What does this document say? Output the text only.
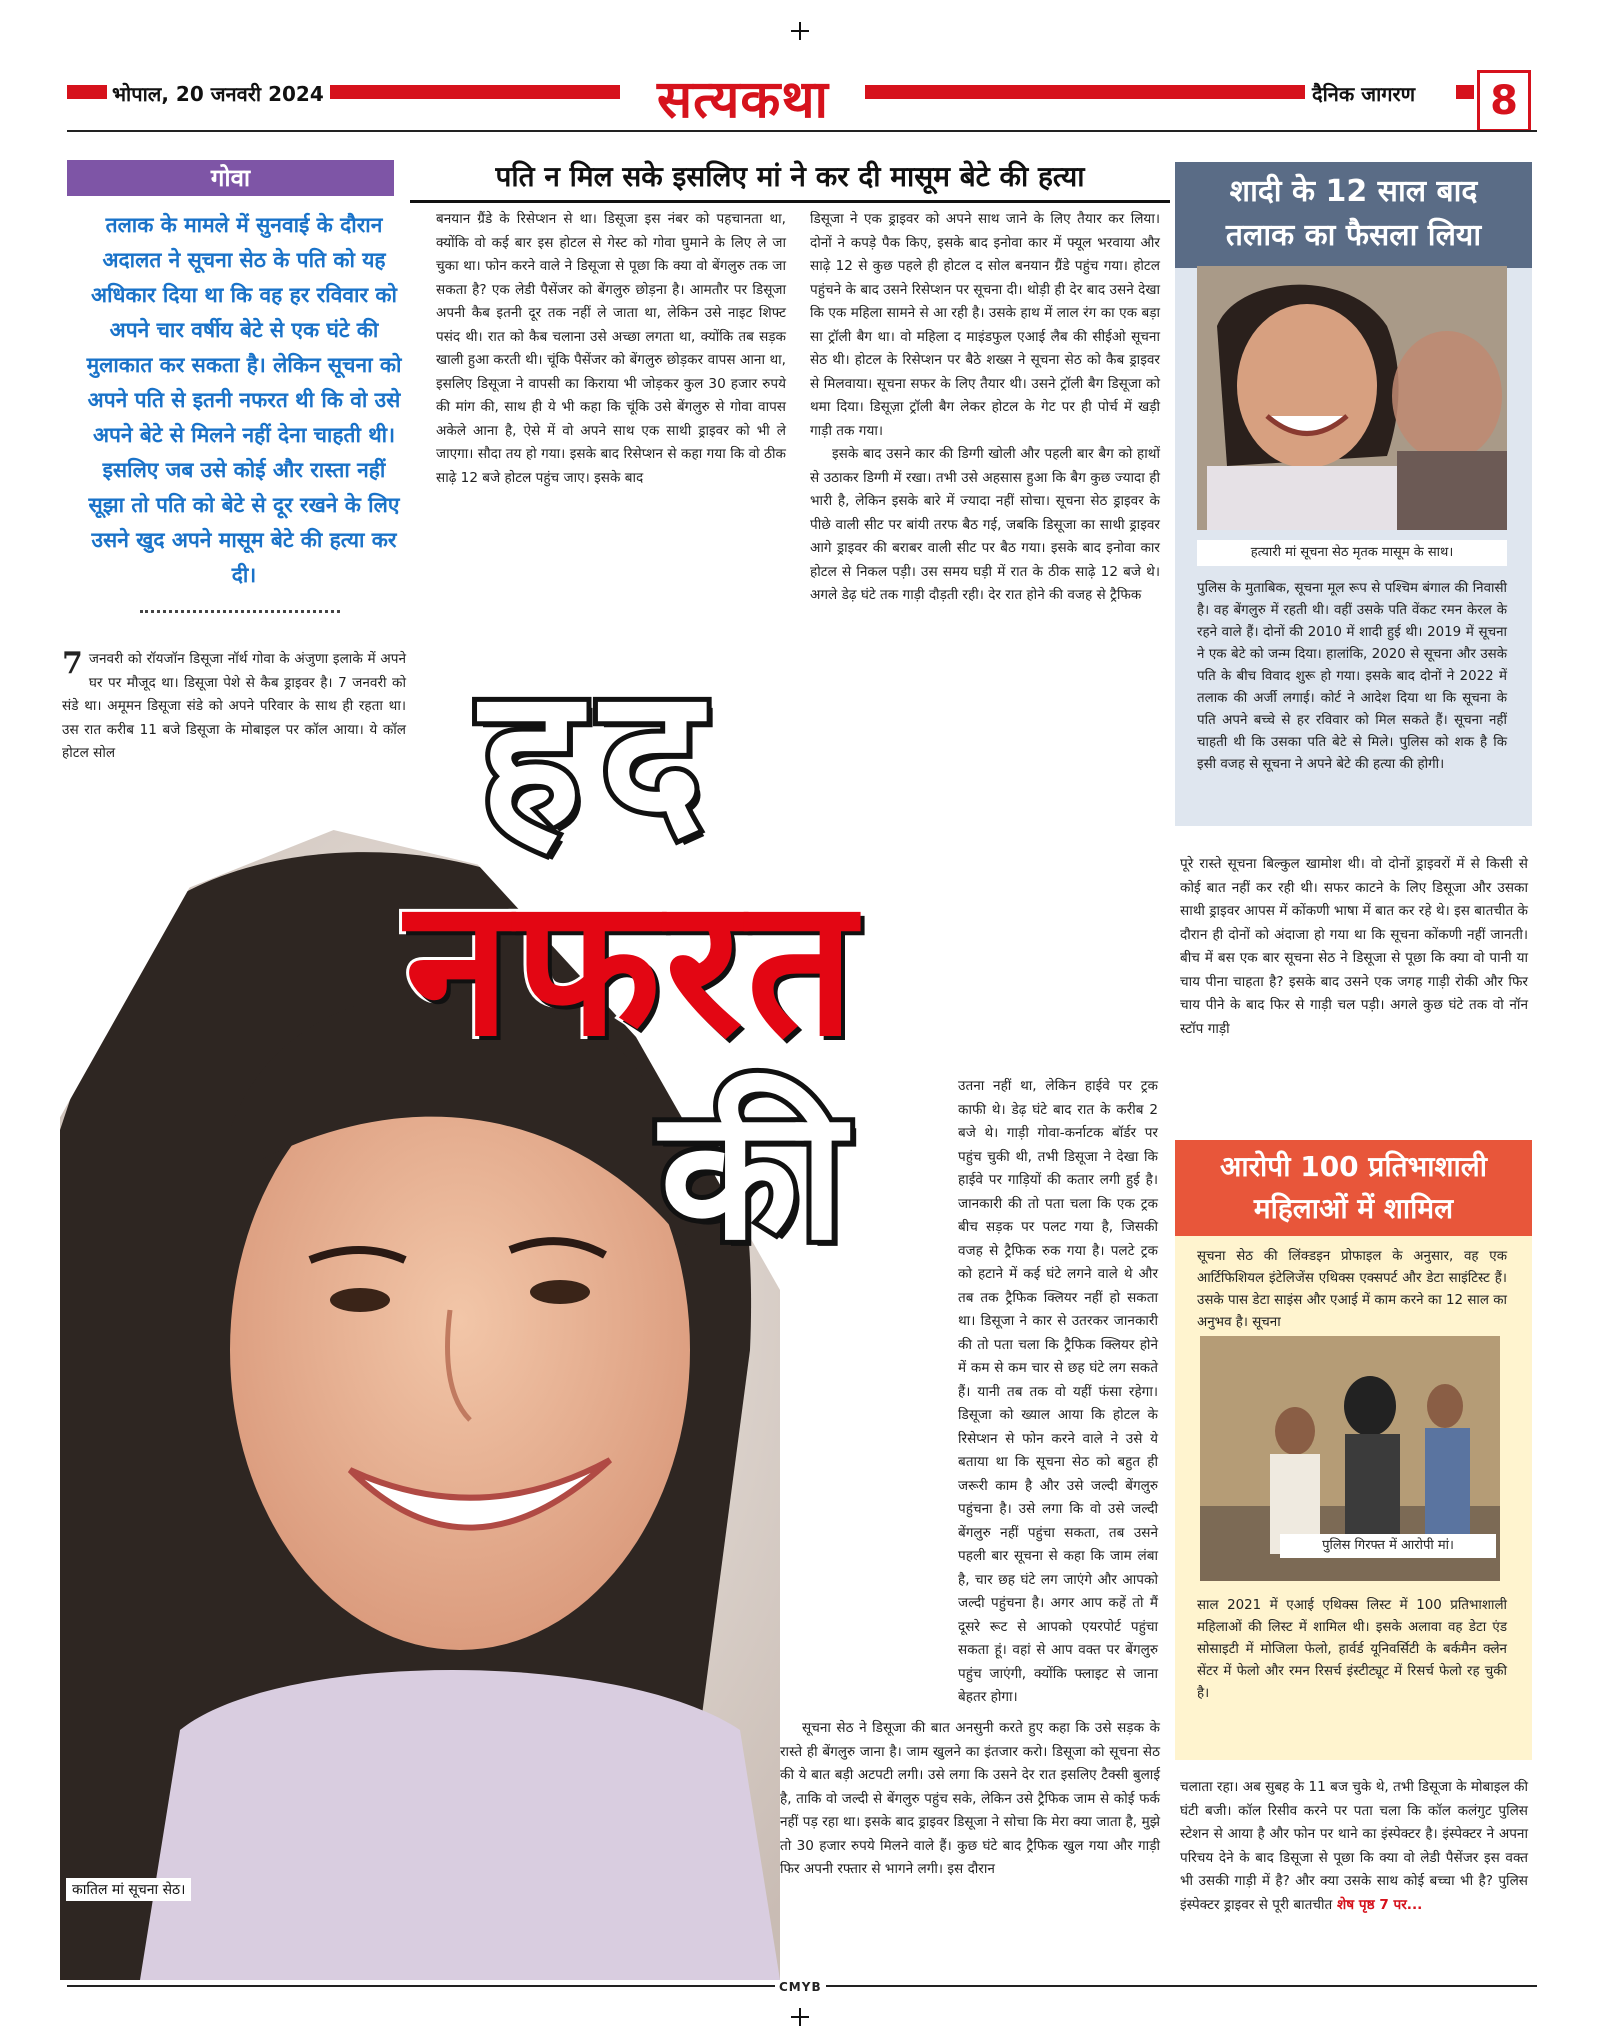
भोपाल, 20 जनवरी 2024	सत्यकथा	दैनिक जागरण	8
गोवा	पति न मिल सके इसलिए मां ने कर दी मासूम बेटे की हत्या
तलाक के मामले में सुनवाई के दौरान अदालत ने सूचना सेठ के पति को यह अधिकार दिया था कि वह हर रविवार को अपने चार वर्षीय बेटे से एक घंटे की मुलाकात कर सकता है। लेकिन सूचना को अपने पति से इतनी नफरत थी कि वो उसे अपने बेटे से मिलने नहीं देना चाहती थी। इसलिए जब उसे कोई और रास्ता नहीं सूझा तो पति को बेटे से दूर रखने के लिए उसने खुद अपने मासूम बेटे की हत्या कर दी।

7 जनवरी को रॉयजॉन डिसूजा नॉर्थ गोवा के अंजुणा इलाके में अपने घर पर मौजूद था। डिसूजा पेशे से कैब ड्राइवर है। 7 जनवरी को संडे था। अमूमन डिसूजा संडे को अपने परिवार के साथ ही रहता था। उस रात करीब 11 बजे डिसूजा के मोबाइल पर कॉल आया। ये कॉल होटल सोल

बनयान ग्रैंडे के रिसेप्शन से था। डिसूजा इस नंबर को पहचानता था, क्योंकि वो कई बार इस होटल से गेस्ट को गोवा घुमाने के लिए ले जा चुका था। फोन करने वाले ने डिसूजा से पूछा कि क्या वो बेंगलुरु तक जा सकता है? एक लेडी पैसेंजर को बेंगलुरु छोड़ना है। आमतौर पर डिसूजा अपनी कैब इतनी दूर तक नहीं ले जाता था, लेकिन उसे नाइट शिफ्ट पसंद थी। रात को कैब चलाना उसे अच्छा लगता था, क्योंकि तब सड़क खाली हुआ करती थी। चूंकि पैसेंजर को बेंगलुरु छोड़कर वापस आना था, इसलिए डिसूजा ने वापसी का किराया भी जोड़कर कुल 30 हजार रुपये की मांग की, साथ ही ये भी कहा कि चूंकि उसे बेंगलुरु से गोवा वापस अकेले आना है, ऐसे में वो अपने साथ एक साथी ड्राइवर को भी ले जाएगा। सौदा तय हो गया। इसके बाद रिसेप्शन से कहा गया कि वो ठीक साढ़े 12 बजे होटल पहुंच जाए। इसके बाद

डिसूजा ने एक ड्राइवर को अपने साथ जाने के लिए तैयार कर लिया। दोनों ने कपड़े पैक किए, इसके बाद इनोवा कार में फ्यूल भरवाया और साढ़े 12 से कुछ पहले ही होटल द सोल बनयान ग्रैंडे पहुंच गया। होटल पहुंचने के बाद उसने रिसेप्शन पर सूचना दी। थोड़ी ही देर बाद उसने देखा कि एक महिला सामने से आ रही है। उसके हाथ में लाल रंग का एक बड़ा सा ट्रॉली बैग था। वो महिला द माइंडफुल एआई लैब की सीईओ सूचना सेठ थी। होटल के रिसेप्शन पर बैठे शख्स ने सूचना सेठ को कैब ड्राइवर से मिलवाया। सूचना सफर के लिए तैयार थी। उसने ट्रॉली बैग डिसूजा को थमा दिया। डिसूज़ा ट्रॉली बैग लेकर होटल के गेट पर ही पोर्च में खड़ी गाड़ी तक गया।

इसके बाद उसने कार की डिग्गी खोली और पहली बार बैग को हाथों से उठाकर डिग्गी में रखा। तभी उसे अहसास हुआ कि बैग कुछ ज्यादा ही भारी है, लेकिन इसके बारे में ज्यादा नहीं सोचा। सूचना सेठ ड्राइवर के पीछे वाली सीट पर बांयी तरफ बैठ गई, जबकि डिसूजा का साथी ड्राइवर आगे ड्राइवर की बराबर वाली सीट पर बैठ गया। इसके बाद इनोवा कार होटल से निकल पड़ी। उस समय घड़ी में रात के ठीक साढ़े 12 बजे थे। अगले डेढ़ घंटे तक गाड़ी दौड़ती रही। देर रात होने की वजह से ट्रैफिक

कातिल मां सूचना सेठ।
हद
नफरत
की	उतना नहीं था, लेकिन हाईवे पर ट्रक काफी थे। डेढ़ घंटे बाद रात के करीब 2 बजे थे। गाड़ी गोवा-कर्नाटक बॉर्डर पर पहुंच चुकी थी, तभी डिसूजा ने देखा कि हाईवे पर गाड़ियों की कतार लगी हुई है। जानकारी की तो पता चला कि एक ट्रक बीच सड़क पर पलट गया है, जिसकी वजह से ट्रैफिक रुक गया है। पलटे ट्रक को हटाने में कई घंटे लगने वाले थे और तब तक ट्रैफिक क्लियर नहीं हो सकता था। डिसूजा ने कार से उतरकर जानकारी की तो पता चला कि ट्रैफिक क्लियर होने में कम से कम चार से छह घंटे लग सकते हैं। यानी तब तक वो यहीं फंसा रहेगा। डिसूजा को ख्याल आया कि होटल के रिसेप्शन से फोन करने वाले ने उसे ये बताया था कि सूचना सेठ को बहुत ही जरूरी काम है और उसे जल्दी बेंगलुरु पहुंचना है। उसे लगा कि वो उसे जल्दी बेंगलुरु नहीं पहुंचा सकता, तब उसने पहली बार सूचना से कहा कि जाम लंबा है, चार छह घंटे लग जाएंगे और आपको जल्दी पहुंचना है। अगर आप कहें तो मैं दूसरे रूट से आपको एयरपोर्ट पहुंचा सकता हूं। वहां से आप वक्त पर बेंगलुरु पहुंच जाएंगी, क्योंकि फ्लाइट से जाना बेहतर होगा।

सूचना सेठ ने डिसूजा की बात अनसुनी करते हुए कहा कि उसे सड़क के रास्ते ही बेंगलुरु जाना है। जाम खुलने का इंतजार करो। डिसूजा को सूचना सेठ की ये बात बड़ी अटपटी लगी। उसे लगा कि उसने देर रात इसलिए टैक्सी बुलाई है, ताकि वो जल्दी से बेंगलुरु पहुंच सके, लेकिन उसे ट्रैफिक जाम से कोई फर्क नहीं पड़ रहा था। इसके बाद ड्राइवर डिसूजा ने सोचा कि मेरा क्या जाता है, मुझे तो 30 हजार रुपये मिलने वाले हैं। कुछ घंटे बाद ट्रैफिक खुल गया और गाड़ी फिर अपनी रफ्तार से भागने लगी। इस दौरान

शादी के 12 साल बाद
तलाक का फैसला लिया
हत्यारी मां सूचना सेठ मृतक मासूम के साथ।
पुलिस के मुताबिक, सूचना मूल रूप से पश्चिम बंगाल की निवासी है। वह बेंगलुरु में रहती थी। वहीं उसके पति वेंकट रमन केरल के रहने वाले हैं। दोनों की 2010 में शादी हुई थी। 2019 में सूचना ने एक बेटे को जन्म दिया। हालांकि, 2020 से सूचना और उसके पति के बीच विवाद शुरू हो गया। इसके बाद दोनों ने 2022 में तलाक की अर्जी लगाई। कोर्ट ने आदेश दिया था कि सूचना के पति अपने बच्चे से हर रविवार को मिल सकते हैं। सूचना नहीं चाहती थी कि उसका पति बेटे से मिले। पुलिस को शक है कि इसी वजह से सूचना ने अपने बेटे की हत्या की होगी।

पूरे रास्ते सूचना बिल्कुल खामोश थी। वो दोनों ड्राइवरों में से किसी से कोई बात नहीं कर रही थी। सफर काटने के लिए डिसूजा और उसका साथी ड्राइवर आपस में कोंकणी भाषा में बात कर रहे थे। इस बातचीत के दौरान ही दोनों को अंदाजा हो गया था कि सूचना कोंकणी नहीं जानती। बीच में बस एक बार सूचना सेठ ने डिसूजा से पूछा कि क्या वो पानी या चाय पीना चाहता है? इसके बाद उसने एक जगह गाड़ी रोकी और फिर चाय पीने के बाद फिर से गाड़ी चल पड़ी। अगले कुछ घंटे तक वो नॉन स्टॉप गाड़ी

आरोपी 100 प्रतिभाशाली
महिलाओं में शामिल
सूचना सेठ की लिंक्डइन प्रोफाइल के अनुसार, वह एक आर्टिफिशियल इंटेलिजेंस एथिक्स एक्सपर्ट और डेटा साइंटिस्ट हैं। उसके पास डेटा साइंस और एआई में काम करने का 12 साल का अनुभव है। सूचना
पुलिस गिरफ्त में आरोपी मां।
साल 2021 में एआई एथिक्स लिस्ट में 100 प्रतिभाशाली महिलाओं की लिस्ट में शामिल थी। इसके अलावा वह डेटा एंड सोसाइटी में मोजिला फेलो, हार्वर्ड यूनिवर्सिटी के बर्कमैन क्लेन सेंटर में फेलो और रमन रिसर्च इंस्टीट्यूट में रिसर्च फेलो रह चुकी है।

चलाता रहा। अब सुबह के 11 बज चुके थे, तभी डिसूजा के मोबाइल की घंटी बजी। कॉल रिसीव करने पर पता चला कि कॉल कलंगुट पुलिस स्टेशन से आया है और फोन पर थाने का इंस्पेक्टर है। इंस्पेक्टर ने अपना परिचय देने के बाद डिसूजा से पूछा कि क्या वो लेडी पैसेंजर इस वक्त भी उसकी गाड़ी में है? और क्या उसके साथ कोई बच्चा भी है? पुलिस इंस्पेक्टर ड्राइवर से पूरी बातचीत शेष पृष्ठ 7 पर...

CMYB
